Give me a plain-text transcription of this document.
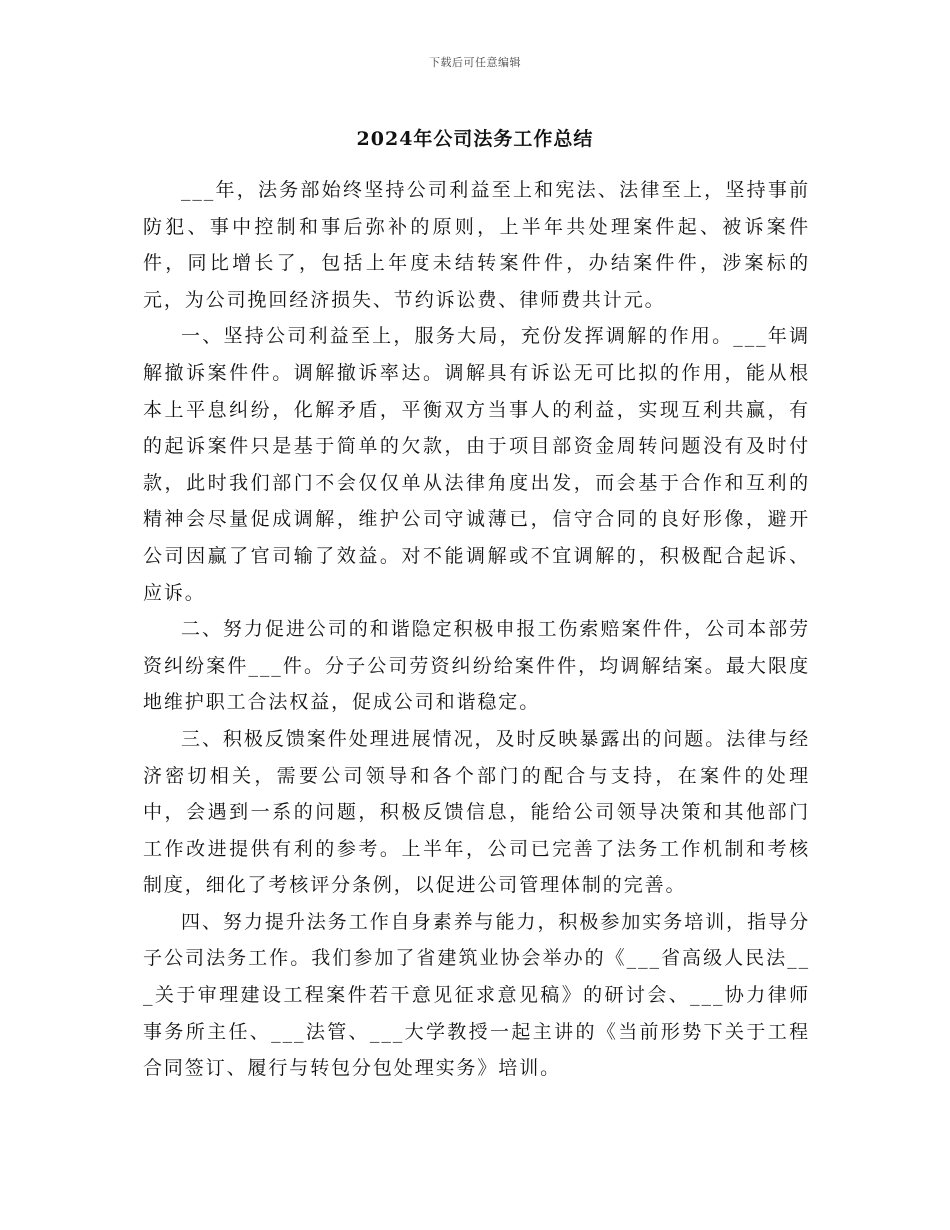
下载后可任意编辑
2024年公司法务工作总结

___年，法务部始终坚持公司利益至上和宪法、法律至上，坚持事前防犯、事中控制和事后弥补的原则，上半年共处理案件起、被诉案件件，同比增长了，包括上年度未结转案件件，办结案件件，涉案标的元，为公司挽回经济损失、节约诉讼费、律师费共计元。

一、坚持公司利益至上，服务大局，充份发挥调解的作用。___年调解撤诉案件件。调解撤诉率达。调解具有诉讼无可比拟的作用，能从根本上平息纠纷，化解矛盾，平衡双方当事人的利益，实现互利共赢，有的起诉案件只是基于简单的欠款，由于项目部资金周转问题没有及时付款，此时我们部门不会仅仅单从法律角度出发，而会基于合作和互利的精神会尽量促成调解，维护公司守诚薄已，信守合同的良好形像，避开公司因赢了官司输了效益。对不能调解或不宜调解的，积极配合起诉、应诉。

二、努力促进公司的和谐隐定积极申报工伤索赔案件件，公司本部劳资纠纷案件___件。分子公司劳资纠纷给案件件，均调解结案。最大限度地维护职工合法权益，促成公司和谐稳定。

三、积极反馈案件处理进展情况，及时反映暴露出的问题。法律与经济密切相关，需要公司领导和各个部门的配合与支持，在案件的处理中，会遇到一系的问题，积极反馈信息，能给公司领导决策和其他部门工作改进提供有利的参考。上半年，公司已完善了法务工作机制和考核制度，细化了考核评分条例，以促进公司管理体制的完善。

四、努力提升法务工作自身素养与能力，积极参加实务培训，指导分子公司法务工作。我们参加了省建筑业协会举办的《___省高级人民法___关于审理建设工程案件若干意见征求意见稿》的研讨会、___协力律师事务所主任、___法管、___大学教授一起主讲的《当前形势下关于工程合同签订、履行与转包分包处理实务》培训。
